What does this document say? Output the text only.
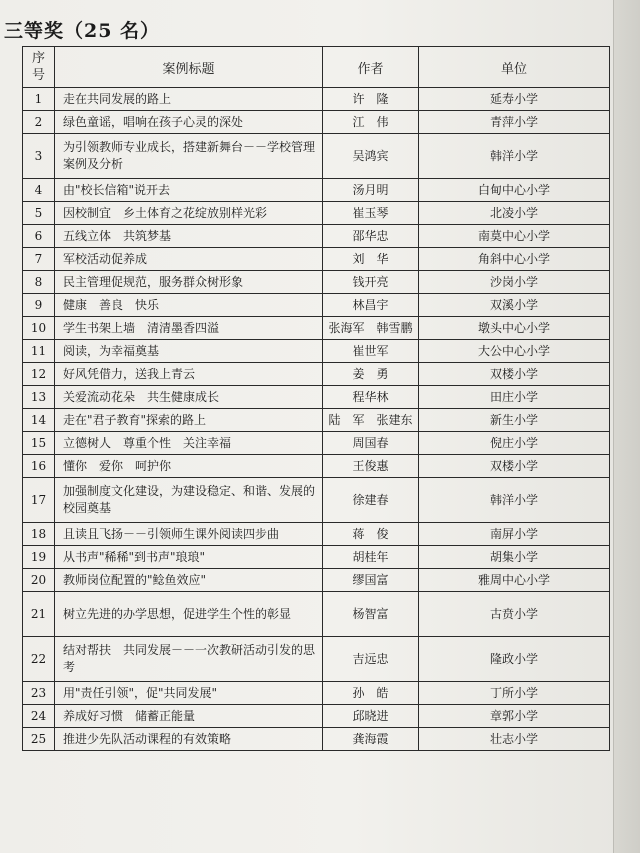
三等奖（25 名）
序
号	案例标题	作者	单位
1	走在共同发展的路上	许　隆	延寿小学
2	绿色童谣，唱响在孩子心灵的深处	江　伟	青萍小学
3	为引领教师专业成长，搭建新舞台－－学校管理案例及分析	吴鸿宾	韩洋小学
4	由"校长信箱"说开去	汤月明	白甸中心小学
5	因校制宜　乡土体育之花绽放别样光彩	崔玉琴	北凌小学
6	五线立体　共筑梦基	邵华忠	南莫中心小学
7	军校活动促养成	刘　华	角斜中心小学
8	民主管理促规范，服务群众树形象	钱开亮	沙岗小学
9	健康　善良　快乐	林昌宇	双溪小学
10	学生书架上墙　清清墨香四溢	张海军　韩雪鹏	墩头中心小学
11	阅读，为幸福奠基	崔世军	大公中心小学
12	好风凭借力，送我上青云	姜　勇	双楼小学
13	关爱流动花朵　共生健康成长	程华林	田庄小学
14	走在"君子教育"探索的路上	陆　军　张建东	新生小学
15	立德树人　尊重个性　关注幸福	周国春	倪庄小学
16	懂你　爱你　呵护你	王俊惠	双楼小学
17	加强制度文化建设，为建设稳定、和谐、发展的校园奠基	徐建春	韩洋小学
18	且读且飞扬－－引领师生课外阅读四步曲	蒋　俊	南屏小学
19	从书声"稀稀"到书声"琅琅"	胡桂年	胡集小学
20	教师岗位配置的"鲶鱼效应"	缪国富	雅周中心小学
21	树立先进的办学思想，促进学生个性的彰显	杨智富	古贲小学
22	结对帮扶　共同发展－－一次教研活动引发的思考	吉远忠	隆政小学
23	用"责任引领"，促"共同发展"	孙　皓	丁所小学
24	养成好习惯　储蓄正能量	邱晓进	章郭小学
25	推进少先队活动课程的有效策略	龚海霞	壮志小学
